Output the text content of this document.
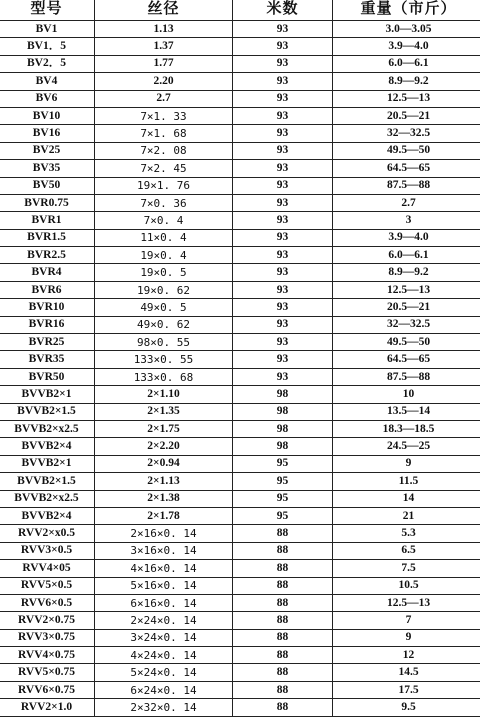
型号	丝径	米数	重量（市斤）
BV1	1.13	93	3.0—3.05
BV1．5	1.37	93	3.9—4.0
BV2．5	1.77	93	6.0—6.1
BV4	2.20	93	8.9—9.2
BV6	2.7	93	12.5—13
BV10	7×1. 33	93	20.5—21
BV16	7×1. 68	93	32—32.5
BV25	7×2. 08	93	49.5—50
BV35	7×2. 45	93	64.5—65
BV50	19×1. 76	93	87.5—88
BVR0.75	7×0. 36	93	2.7
BVR1	7×0. 4	93	3
BVR1.5	11×0. 4	93	3.9—4.0
BVR2.5	19×0. 4	93	6.0—6.1
BVR4	19×0. 5	93	8.9—9.2
BVR6	19×0. 62	93	12.5—13
BVR10	49×0. 5	93	20.5—21
BVR16	49×0. 62	93	32—32.5
BVR25	98×0. 55	93	49.5—50
BVR35	133×0. 55	93	64.5—65
BVR50	133×0. 68	93	87.5—88
BVVB2×1	2×1.10	98	10
BVVB2×1.5	2×1.35	98	13.5—14
BVVB2×x2.5	2×1.75	98	18.3—18.5
BVVB2×4	2×2.20	98	24.5—25
BVVB2×1	2×0.94	95	9
BVVB2×1.5	2×1.13	95	11.5
BVVB2×x2.5	2×1.38	95	14
BVVB2×4	2×1.78	95	21
RVV2×x0.5	2×16×0. 14	88	5.3
RVV3×0.5	3×16×0. 14	88	6.5
RVV4×05	4×16×0. 14	88	7.5
RVV5×0.5	5×16×0. 14	88	10.5
RVV6×0.5	6×16×0. 14	88	12.5—13
RVV2×0.75	2×24×0. 14	88	7
RVV3×0.75	3×24×0. 14	88	9
RVV4×0.75	4×24×0. 14	88	12
RVV5×0.75	5×24×0. 14	88	14.5
RVV6×0.75	6×24×0. 14	88	17.5
RVV2×1.0	2×32×0. 14	88	9.5
